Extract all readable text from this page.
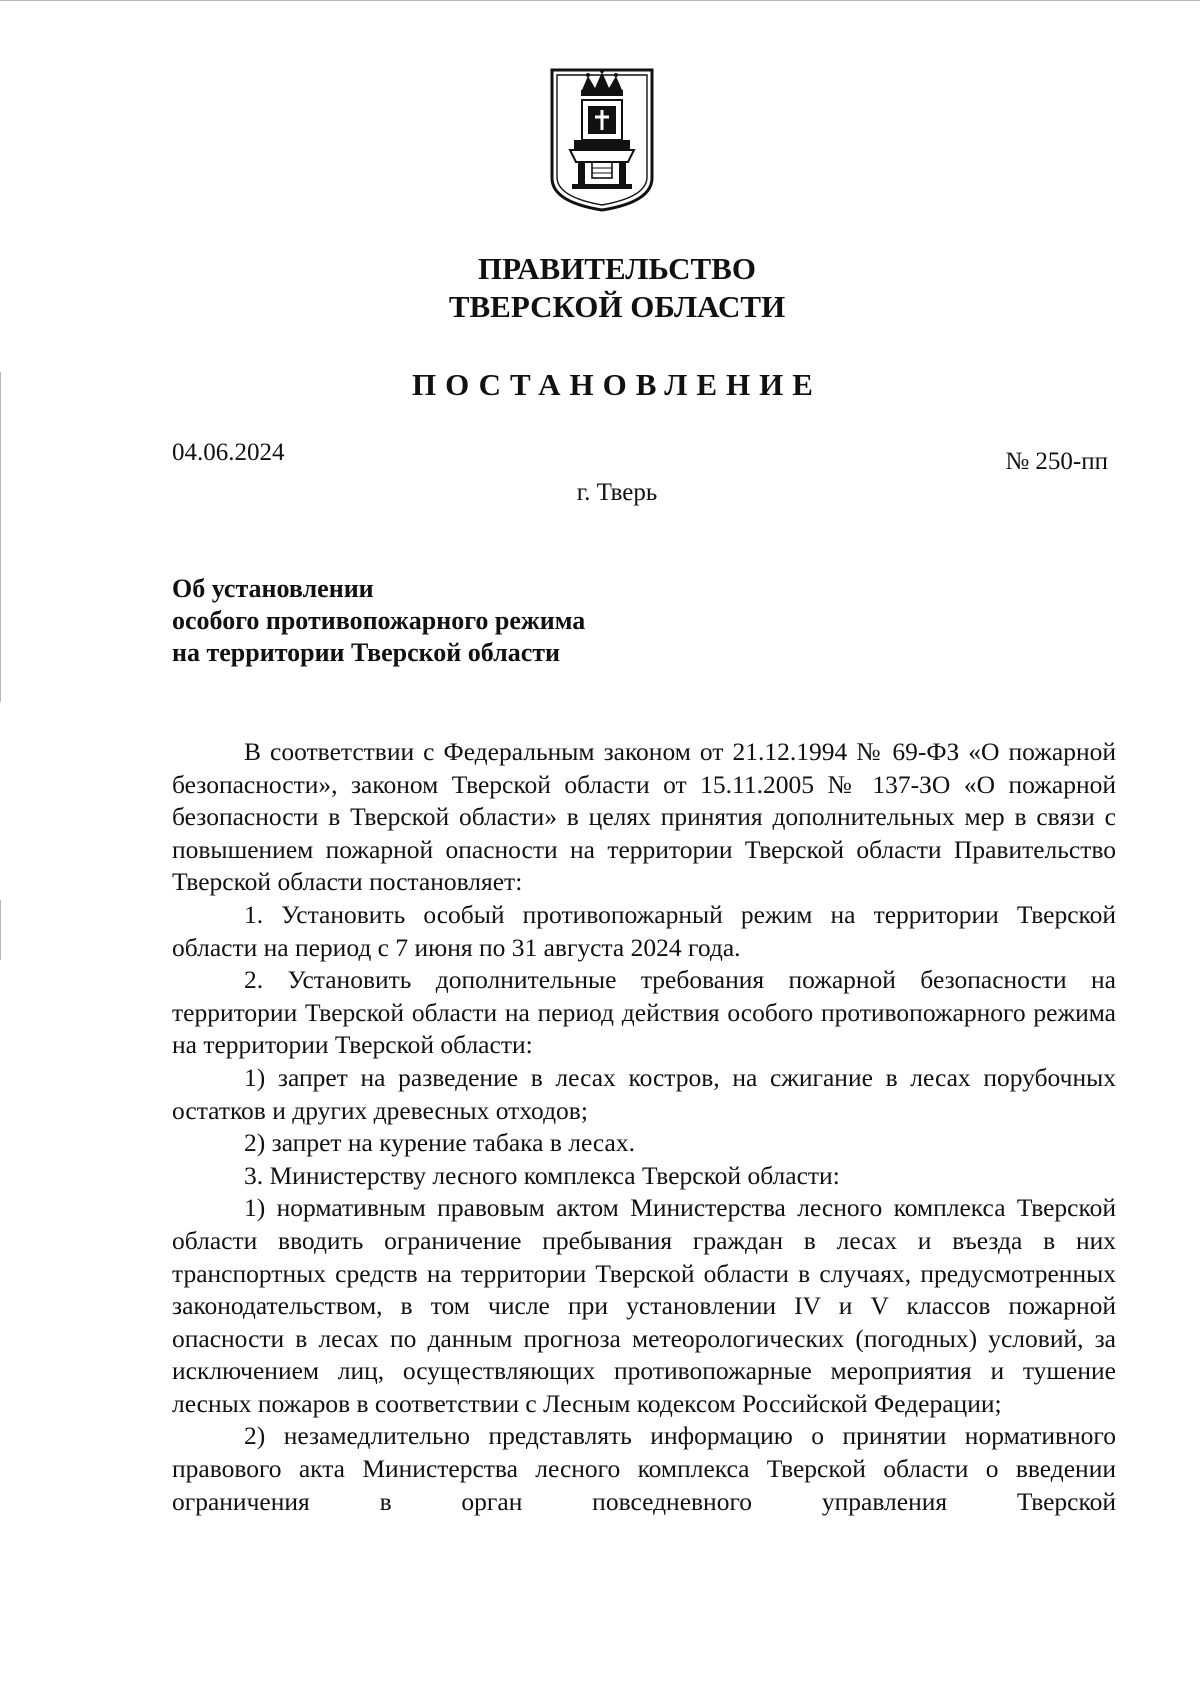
ПРАВИТЕЛЬСТВО
ТВЕРСКОЙ ОБЛАСТИ
ПОСТАНОВЛЕНИЕ
04.06.2024	№ 250-пп
г. Тверь
Об установлении
особого противопожарного режима
на территории Тверской области

В соответствии с Федеральным законом от 21.12.1994 № 69-ФЗ «О пожарной безопасности», законом Тверской области от 15.11.2005 № 137-ЗО «О пожарной безопасности в Тверской области» в целях принятия дополнительных мер в связи с повышением пожарной опасности на территории Тверской области Правительство Тверской области постановляет:

1. Установить особый противопожарный режим на территории Тверской области на период с 7 июня по 31 августа 2024 года.

2. Установить дополнительные требования пожарной безопасности на территории Тверской области на период действия особого противопожарного режима на территории Тверской области:

1) запрет на разведение в лесах костров, на сжигание в лесах порубочных остатков и других древесных отходов;

2) запрет на курение табака в лесах.

3. Министерству лесного комплекса Тверской области:

1) нормативным правовым актом Министерства лесного комплекса Тверской области вводить ограничение пребывания граждан в лесах и въезда в них транспортных средств на территории Тверской области в случаях, предусмотренных законодательством, в том числе при установлении IV и V классов пожарной опасности в лесах по данным прогноза метеорологических (погодных) условий, за исключением лиц, осуществляющих противопожарные мероприятия и тушение лесных пожаров в соответствии с Лесным кодексом Российской Федерации;

2) незамедлительно представлять информацию о принятии нормативного правового акта Министерства лесного комплекса Тверской области о введении ограничения в орган повседневного управления Тверской
